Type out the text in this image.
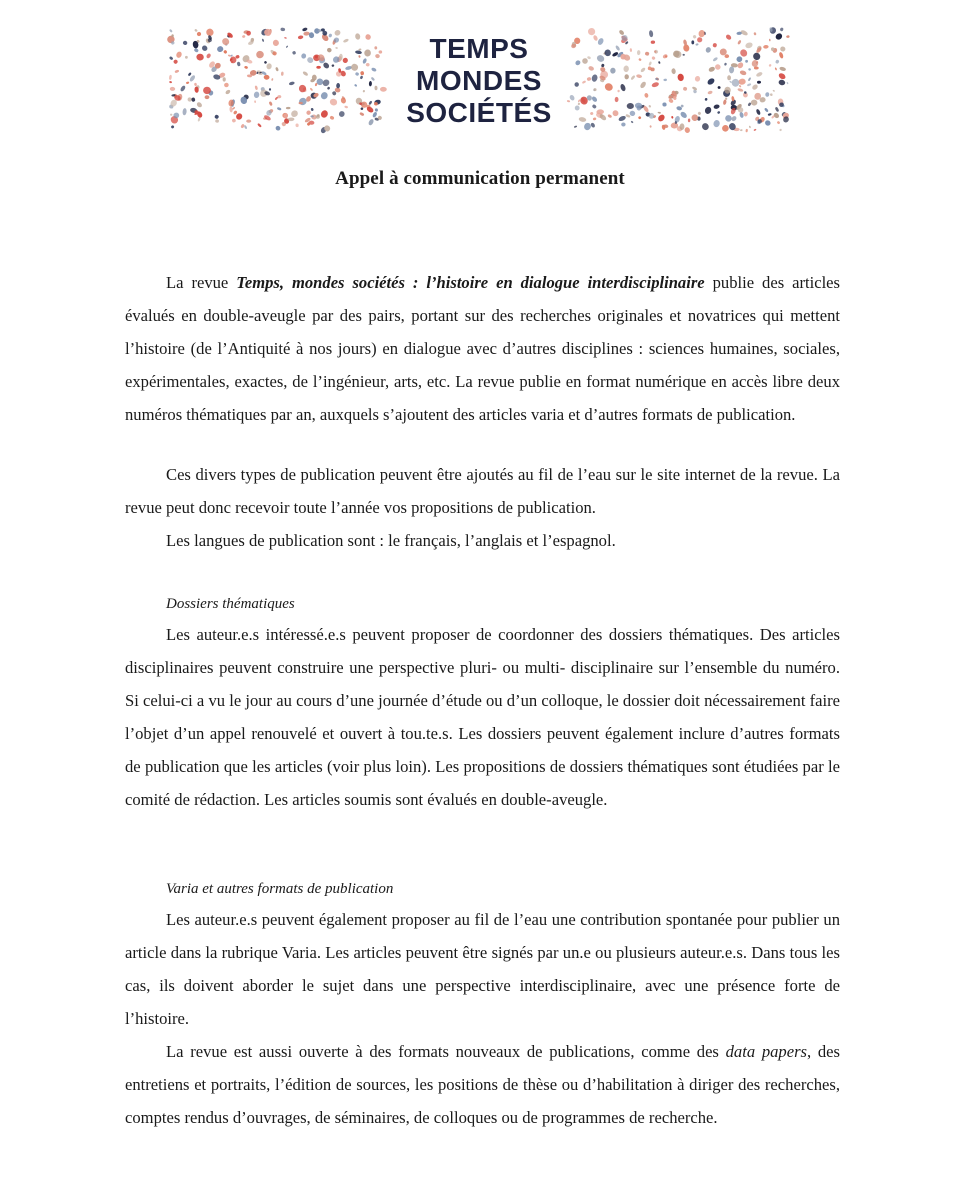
TEMPS
MONDES
SOCIÉTÉS
Appel à communication permanent

La revue Temps, mondes sociétés : l’histoire en dialogue interdisciplinaire publie des articles évalués en double-aveugle par des pairs, portant sur des recherches originales et novatrices qui mettent l’histoire (de l’Antiquité à nos jours) en dialogue avec d’autres disciplines : sciences humaines, sociales, expérimentales, exactes, de l’ingénieur, arts, etc. La revue publie en format numérique en accès libre deux numéros thématiques par an, auxquels s’ajoutent des articles varia et d’autres formats de publication.

Ces divers types de publication peuvent être ajoutés au fil de l’eau sur le site internet de la revue. La revue peut donc recevoir toute l’année vos propositions de publication.

Les langues de publication sont : le français, l’anglais et l’espagnol.

Dossiers thématiques

Les auteur.e.s intéressé.e.s peuvent proposer de coordonner des dossiers thématiques. Des articles disciplinaires peuvent construire une perspective pluri- ou multi- disciplinaire sur l’ensemble du numéro. Si celui-ci a vu le jour au cours d’une journée d’étude ou d’un colloque, le dossier doit nécessairement faire l’objet d’un appel renouvelé et ouvert à tou.te.s. Les dossiers peuvent également inclure d’autres formats de publication que les articles (voir plus loin). Les propositions de dossiers thématiques sont étudiées par le comité de rédaction. Les articles soumis sont évalués en double-aveugle.

Varia et autres formats de publication

Les auteur.e.s peuvent également proposer au fil de l’eau une contribution spontanée pour publier un article dans la rubrique Varia. Les articles peuvent être signés par un.e ou plusieurs auteur.e.s. Dans tous les cas, ils doivent aborder le sujet dans une perspective interdisciplinaire, avec une présence forte de l’histoire.

La revue est aussi ouverte à des formats nouveaux de publications, comme des data papers, des entretiens et portraits, l’édition de sources, les positions de thèse ou d’habilitation à diriger des recherches, comptes rendus d’ouvrages, de séminaires, de colloques ou de programmes de recherche.
